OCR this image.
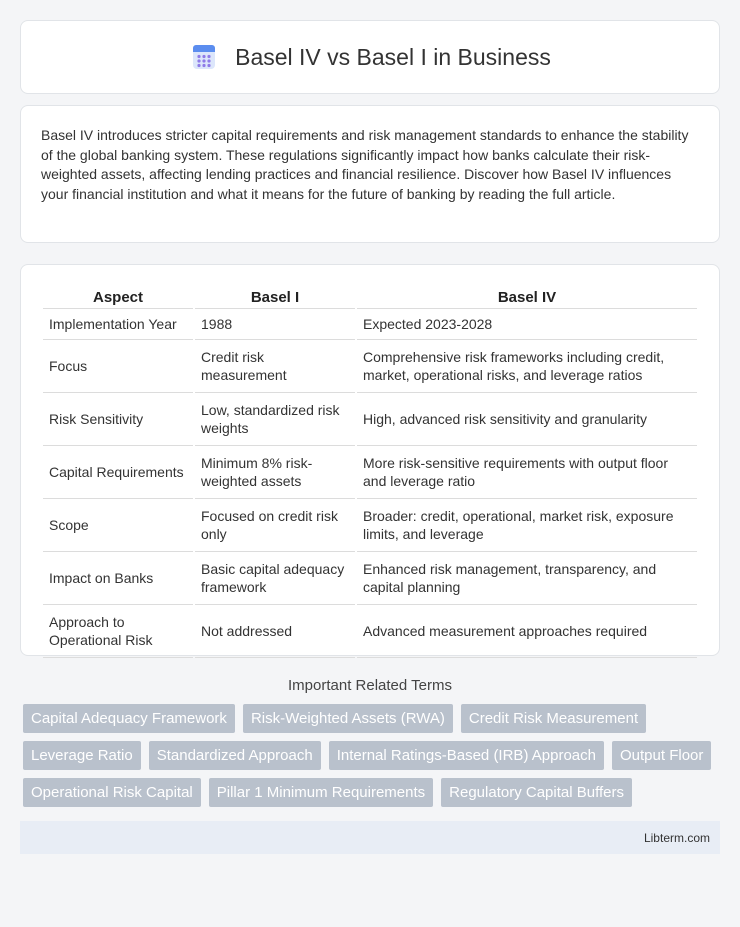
Basel IV vs Basel I in Business

Basel IV introduces stricter capital requirements and risk management standards to enhance the stability of the global banking system. These regulations significantly impact how banks calculate their risk-weighted assets, affecting lending practices and financial resilience. Discover how Basel IV influences your financial institution and what it means for the future of banking by reading the full article.

Aspect	Basel I	Basel IV
Implementation Year	1988	Expected 2023-2028
Focus	Credit risk measurement	Comprehensive risk frameworks including credit, market, operational risks, and leverage ratios
Risk Sensitivity	Low, standardized risk weights	High, advanced risk sensitivity and granularity
Capital Requirements	Minimum 8% risk-weighted assets	More risk-sensitive requirements with output floor and leverage ratio
Scope	Focused on credit risk only	Broader: credit, operational, market risk, exposure limits, and leverage
Impact on Banks	Basic capital adequacy framework	Enhanced risk management, transparency, and capital planning
Approach to Operational Risk	Not addressed	Advanced measurement approaches required
Important Related Terms
Capital Adequacy Framework	Risk-Weighted Assets (RWA)	Credit Risk Measurement
Leverage Ratio	Standardized Approach	Internal Ratings-Based (IRB) Approach	Output Floor
Operational Risk Capital	Pillar 1 Minimum Requirements	Regulatory Capital Buffers
Libterm.com
